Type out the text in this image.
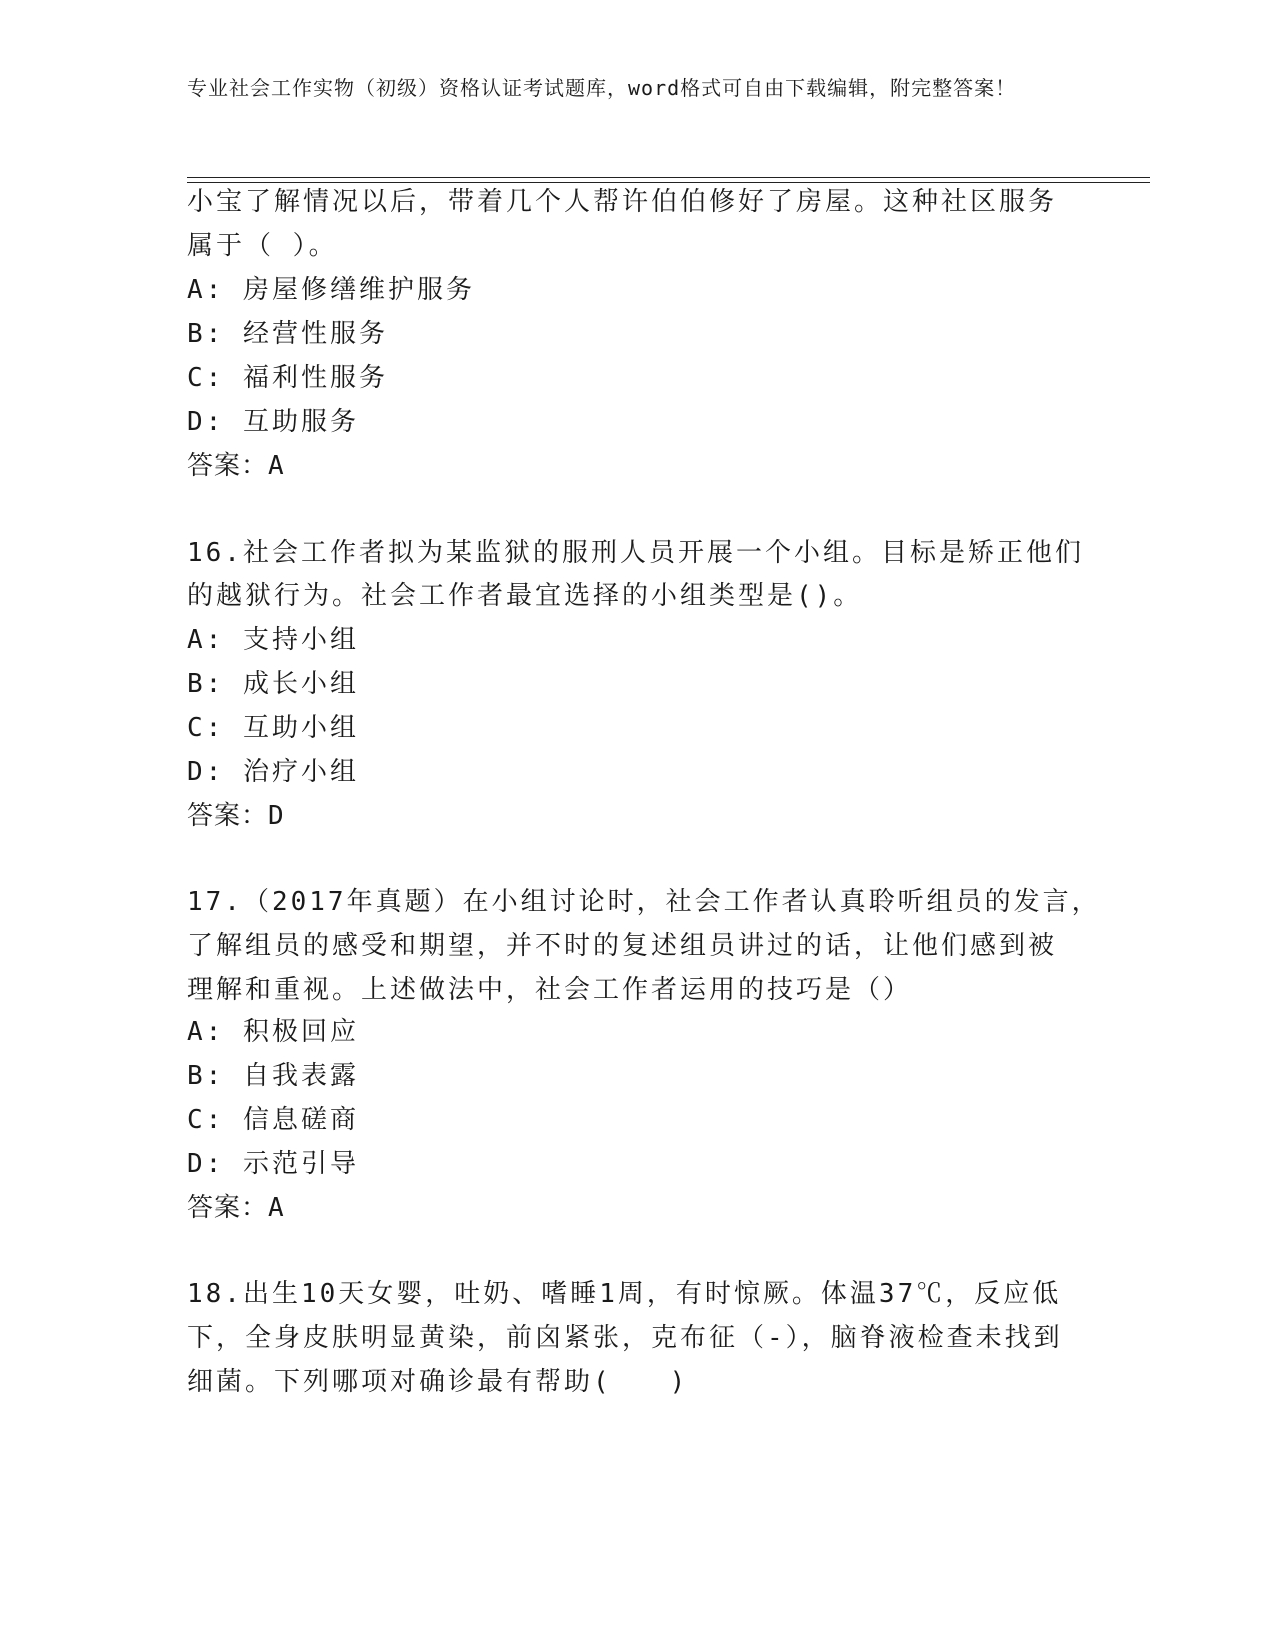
专业社会工作实物（初级）资格认证考试题库，word格式可自由下载编辑，附完整答案！
小宝了解情况以后，带着几个人帮许伯伯修好了房屋。这种社区服务
属于（ ）。
A: 房屋修缮维护服务
B: 经营性服务
C: 福利性服务
D: 互助服务
答案：A
16.社会工作者拟为某监狱的服刑人员开展一个小组。目标是矫正他们
的越狱行为。社会工作者最宜选择的小组类型是()。
A: 支持小组
B: 成长小组
C: 互助小组
D: 治疗小组
答案：D
17.（2017年真题）在小组讨论时，社会工作者认真聆听组员的发言，
了解组员的感受和期望，并不时的复述组员讲过的话，让他们感到被
理解和重视。上述做法中，社会工作者运用的技巧是（）
A: 积极回应
B: 自我表露
C: 信息磋商
D: 示范引导
答案：A
18.出生10天女婴，吐奶、嗜睡1周，有时惊厥。体温37℃，反应低
下，全身皮肤明显黄染，前囟紧张，克布征（-），脑脊液检查未找到
细菌。下列哪项对确诊最有帮助(　　)
